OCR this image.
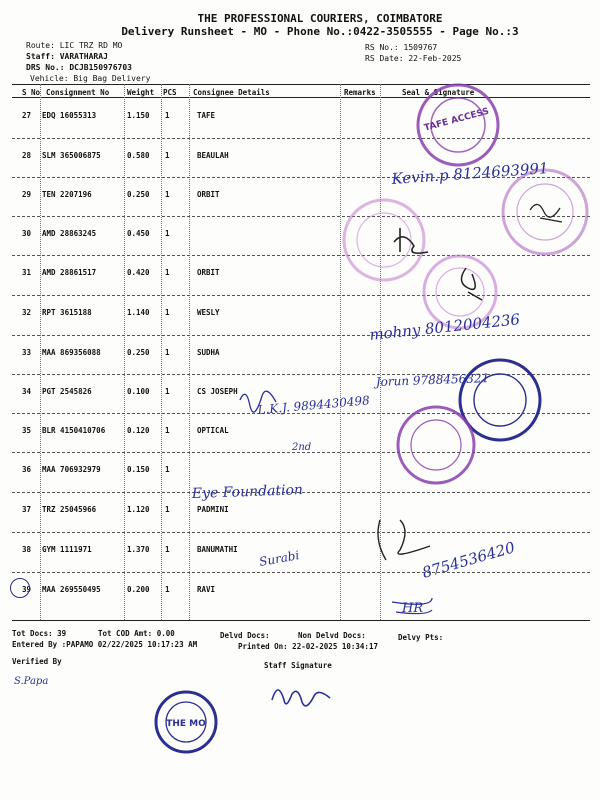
THE PROFESSIONAL COURIERS, COIMBATORE
Delivery Runsheet - MO - Phone No.:0422-3505555 - Page No.:3
Route: LIC TRZ RD MO
Staff: VARATHARAJ
DRS No.: DCJB150976703
Vehicle: Big Bag Delivery
RS No.: 1509767
RS Date: 22-Feb-2025
S No Consignment No Weight PCS Consignee Details	Remarks	Seal & Signature
27 EDQ 16055313	1.150 1	TAFE
28 SLM 365006875	0.580 1	BEAULAH
29 TEN 2207196	0.250 1	ORBIT
30 AMD 28863245	0.450 1
31 AMD 28861517	0.420 1	ORBIT
32 RPT 3615188	1.140 1	WESLY
33 MAA 869356088	0.250 1	SUDHA
34 PGT 2545826	0.100 1	CS JOSEPH
35 BLR 4150410706	0.120 1	OPTICAL
36 MAA 706932979	0.150 1
37 TRZ 25045966	1.120 1	PADMINI
38 GYM 1111971	1.370 1	BANUMATHI
39 MAA 269550495	0.200 1	RAVI
Tot Docs: 39	Tot COD Amt: 0.00	Delvd Docs:	Non Delvd Docs:	Delvy Pts:
Entered By :PAPAMO 02/22/2025 10:17:23 AM	Printed On: 22-02-2025 10:34:17
Verified By	Staff Signature
TAFE ACCESS
THE MO
Kevin.p 8124693991
mohny 8012004236
Jorun 9788456321
L.K.J. 9894430498
2nd
Eye Foundation
Surabi	8754536420
HR
S.Papa
